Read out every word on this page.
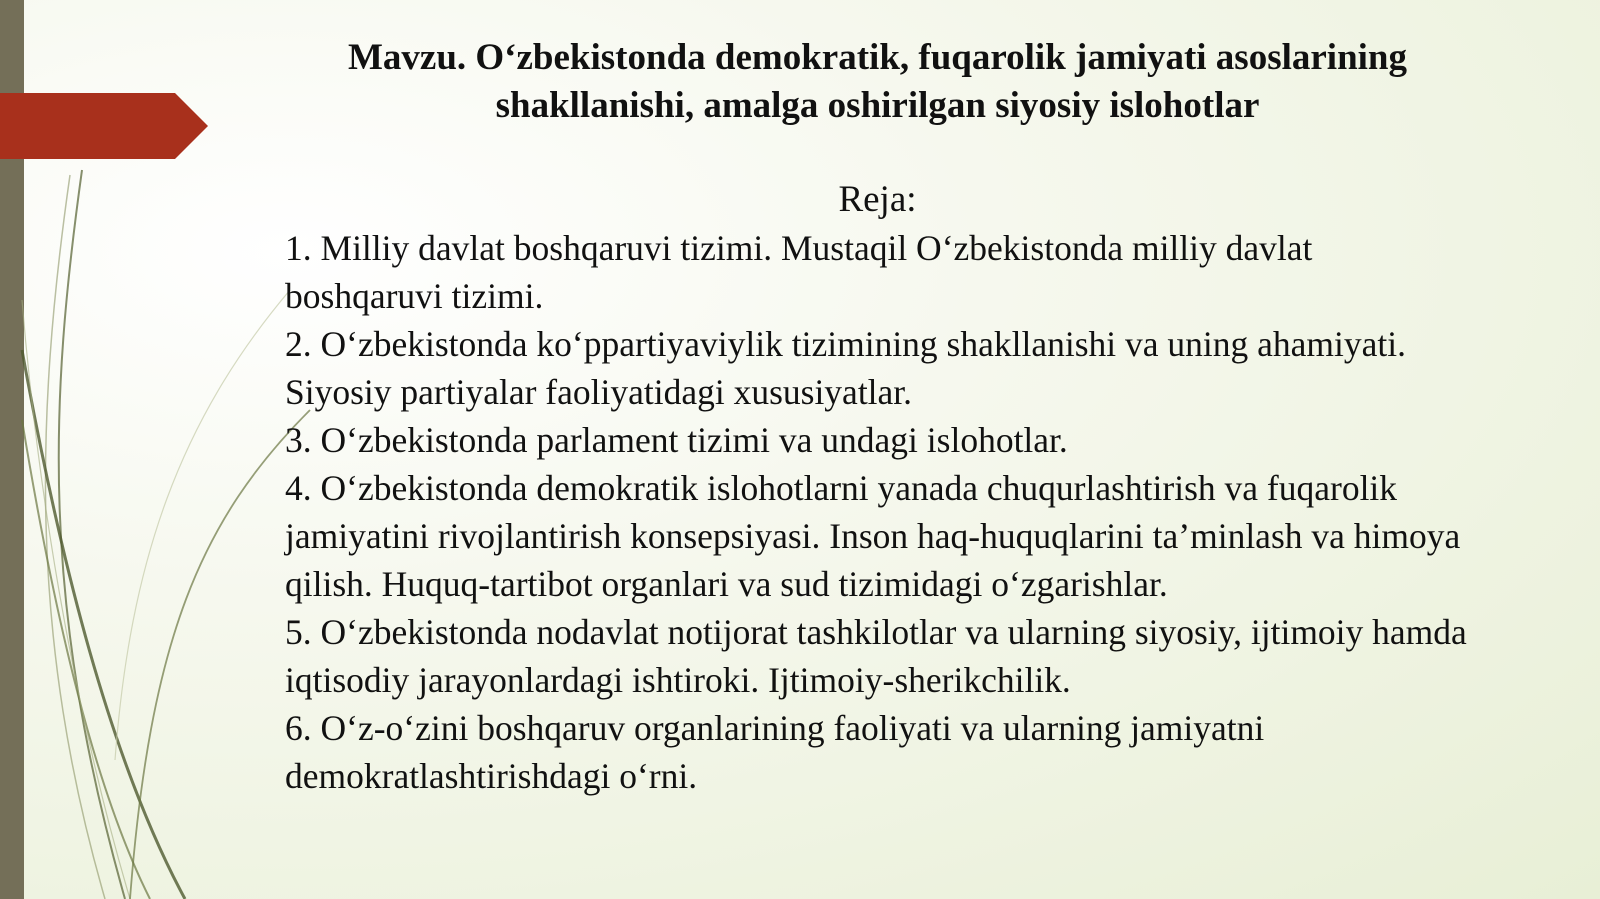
Mavzu. O‘zbekistonda demokratik, fuqarolik jamiyati asoslarining shakllanishi, amalga oshirilgan siyosiy islohotlar

Reja:

1. Milliy davlat boshqaruvi tizimi. Mustaqil O‘zbekistonda milliy davlat boshqaruvi tizimi.
2. O‘zbekistonda ko‘ppartiyaviylik tizimining shakllanishi va uning ahamiyati. Siyosiy partiyalar faoliyatidagi xususiyatlar.
3. O‘zbekistonda parlament tizimi va undagi islohotlar.
4. O‘zbekistonda demokratik islohotlarni yanada chuqurlashtirish va fuqarolik jamiyatini rivojlantirish konsepsiyasi. Inson haq-huquqlarini ta’minlash va himoya qilish. Huquq-tartibot organlari va sud tizimidagi o‘zgarishlar.
5. O‘zbekistonda nodavlat notijorat tashkilotlar va ularning siyosiy, ijtimoiy hamda iqtisodiy jarayonlardagi ishtiroki. Ijtimoiy-sherikchilik.
6. O‘z-o‘zini boshqaruv organlarining faoliyati va ularning jamiyatni demokratlashtirishdagi o‘rni.
